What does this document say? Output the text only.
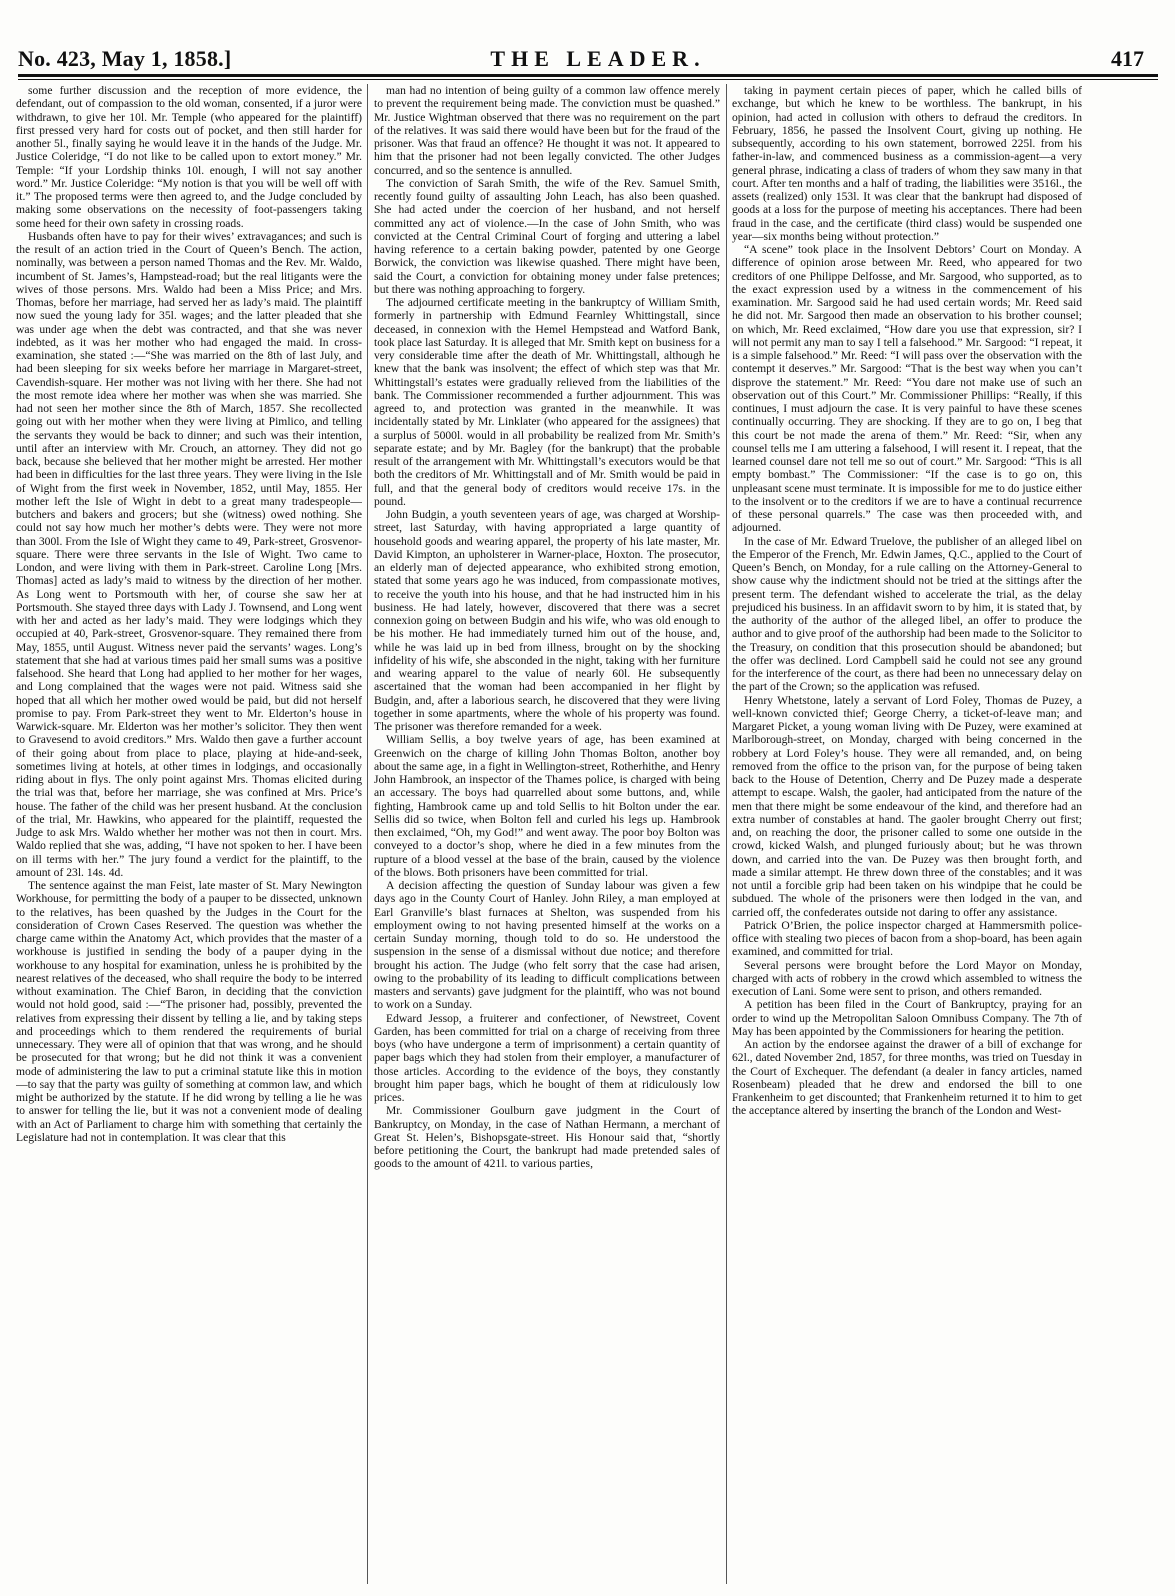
No. 423, May 1, 1858.]	THE LEADER.	417

some further discussion and the reception of more evidence, the defendant, out of compassion to the old woman, consented, if a juror were withdrawn, to give her 10l. Mr. Temple (who appeared for the plaintiff) first pressed very hard for costs out of pocket, and then still harder for another 5l., finally saying he would leave it in the hands of the Judge. Mr. Justice Coleridge, “I do not like to be called upon to extort money.” Mr. Temple: “If your Lordship thinks 10l. enough, I will not say another word.” Mr. Justice Coleridge: “My notion is that you will be well off with it.” The proposed terms were then agreed to, and the Judge concluded by making some observations on the necessity of foot-passengers taking some heed for their own safety in crossing roads.

Husbands often have to pay for their wives’ extravagances; and such is the result of an action tried in the Court of Queen’s Bench. The action, nominally, was between a person named Thomas and the Rev. Mr. Waldo, incumbent of St. James’s, Hampstead-road; but the real litigants were the wives of those persons. Mrs. Waldo had been a Miss Price; and Mrs. Thomas, before her marriage, had served her as lady’s maid. The plaintiff now sued the young lady for 35l. wages; and the latter pleaded that she was under age when the debt was contracted, and that she was never indebted, as it was her mother who had engaged the maid. In cross-examination, she stated :—“She was married on the 8th of last July, and had been sleeping for six weeks before her marriage in Margaret-street, Cavendish-square. Her mother was not living with her there. She had not the most remote idea where her mother was when she was married. She had not seen her mother since the 8th of March, 1857. She recollected going out with her mother when they were living at Pimlico, and telling the servants they would be back to dinner; and such was their intention, until after an interview with Mr. Crouch, an attorney. They did not go back, because she believed that her mother might be arrested. Her mother had been in difficulties for the last three years. They were living in the Isle of Wight from the first week in November, 1852, until May, 1855. Her mother left the Isle of Wight in debt to a great many tradespeople—butchers and bakers and grocers; but she (witness) owed nothing. She could not say how much her mother’s debts were. They were not more than 300l. From the Isle of Wight they came to 49, Park-street, Grosvenor-square. There were three servants in the Isle of Wight. Two came to London, and were living with them in Park-street. Caroline Long [Mrs. Thomas] acted as lady’s maid to witness by the direction of her mother. As Long went to Portsmouth with her, of course she saw her at Portsmouth. She stayed three days with Lady J. Townsend, and Long went with her and acted as her lady’s maid. They were lodgings which they occupied at 40, Park-street, Grosvenor-square. They remained there from May, 1855, until August. Witness never paid the servants’ wages. Long’s statement that she had at various times paid her small sums was a positive falsehood. She heard that Long had applied to her mother for her wages, and Long complained that the wages were not paid. Witness said she hoped that all which her mother owed would be paid, but did not herself promise to pay. From Park-street they went to Mr. Elderton’s house in Warwick-square. Mr. Elderton was her mother’s solicitor. They then went to Gravesend to avoid creditors.” Mrs. Waldo then gave a further account of their going about from place to place, playing at hide-and-seek, sometimes living at hotels, at other times in lodgings, and occasionally riding about in flys. The only point against Mrs. Thomas elicited during the trial was that, before her marriage, she was confined at Mrs. Price’s house. The father of the child was her present husband. At the conclusion of the trial, Mr. Hawkins, who appeared for the plaintiff, requested the Judge to ask Mrs. Waldo whether her mother was not then in court. Mrs. Waldo replied that she was, adding, “I have not spoken to her. I have been on ill terms with her.” The jury found a verdict for the plaintiff, to the amount of 23l. 14s. 4d.

The sentence against the man Feist, late master of St. Mary Newington Workhouse, for permitting the body of a pauper to be dissected, unknown to the relatives, has been quashed by the Judges in the Court for the consideration of Crown Cases Reserved. The question was whether the charge came within the Anatomy Act, which provides that the master of a workhouse is justified in sending the body of a pauper dying in the workhouse to any hospital for examination, unless he is prohibited by the nearest relatives of the deceased, who shall require the body to be interred without examination. The Chief Baron, in deciding that the conviction would not hold good, said :—“The prisoner had, possibly, prevented the relatives from expressing their dissent by telling a lie, and by taking steps and proceedings which to them rendered the requirements of burial unnecessary. They were all of opinion that that was wrong, and he should be prosecuted for that wrong; but he did not think it was a convenient mode of administering the law to put a criminal statute like this in motion—to say that the party was guilty of something at common law, and which might be authorized by the statute. If he did wrong by telling a lie he was to answer for telling the lie, but it was not a convenient mode of dealing with an Act of Parliament to charge him with something that certainly the Legislature had not in contemplation. It was clear that this

man had no intention of being guilty of a common law offence merely to prevent the requirement being made. The conviction must be quashed.” Mr. Justice Wightman observed that there was no requirement on the part of the relatives. It was said there would have been but for the fraud of the prisoner. Was that fraud an offence? He thought it was not. It appeared to him that the prisoner had not been legally convicted. The other Judges concurred, and so the sentence is annulled.

The conviction of Sarah Smith, the wife of the Rev. Samuel Smith, recently found guilty of assaulting John Leach, has also been quashed. She had acted under the coercion of her husband, and not herself committed any act of violence.—In the case of John Smith, who was convicted at the Central Criminal Court of forging and uttering a label having reference to a certain baking powder, patented by one George Borwick, the conviction was likewise quashed. There might have been, said the Court, a conviction for obtaining money under false pretences; but there was nothing approaching to forgery.

The adjourned certificate meeting in the bankruptcy of William Smith, formerly in partnership with Edmund Fearnley Whittingstall, since deceased, in connexion with the Hemel Hempstead and Watford Bank, took place last Saturday. It is alleged that Mr. Smith kept on business for a very considerable time after the death of Mr. Whittingstall, although he knew that the bank was insolvent; the effect of which step was that Mr. Whittingstall’s estates were gradually relieved from the liabilities of the bank. The Commissioner recommended a further adjournment. This was agreed to, and protection was granted in the meanwhile. It was incidentally stated by Mr. Linklater (who appeared for the assignees) that a surplus of 5000l. would in all probability be realized from Mr. Smith’s separate estate; and by Mr. Bagley (for the bankrupt) that the probable result of the arrangement with Mr. Whittingstall’s executors would be that both the creditors of Mr. Whittingstall and of Mr. Smith would be paid in full, and that the general body of creditors would receive 17s. in the pound.

John Budgin, a youth seventeen years of age, was charged at Worship-street, last Saturday, with having appropriated a large quantity of household goods and wearing apparel, the property of his late master, Mr. David Kimpton, an upholsterer in Warner-place, Hoxton. The prosecutor, an elderly man of dejected appearance, who exhibited strong emotion, stated that some years ago he was induced, from compassionate motives, to receive the youth into his house, and that he had instructed him in his business. He had lately, however, discovered that there was a secret connexion going on between Budgin and his wife, who was old enough to be his mother. He had immediately turned him out of the house, and, while he was laid up in bed from illness, brought on by the shocking infidelity of his wife, she absconded in the night, taking with her furniture and wearing apparel to the value of nearly 60l. He subsequently ascertained that the woman had been accompanied in her flight by Budgin, and, after a laborious search, he discovered that they were living together in some apartments, where the whole of his property was found. The prisoner was therefore remanded for a week.

William Sellis, a boy twelve years of age, has been examined at Greenwich on the charge of killing John Thomas Bolton, another boy about the same age, in a fight in Wellington-street, Rotherhithe, and Henry John Hambrook, an inspector of the Thames police, is charged with being an accessary. The boys had quarrelled about some buttons, and, while fighting, Hambrook came up and told Sellis to hit Bolton under the ear. Sellis did so twice, when Bolton fell and curled his legs up. Hambrook then exclaimed, “Oh, my God!” and went away. The poor boy Bolton was conveyed to a doctor’s shop, where he died in a few minutes from the rupture of a blood vessel at the base of the brain, caused by the violence of the blows. Both prisoners have been committed for trial.

A decision affecting the question of Sunday labour was given a few days ago in the County Court of Hanley. John Riley, a man employed at Earl Granville’s blast furnaces at Shelton, was suspended from his employment owing to not having presented himself at the works on a certain Sunday morning, though told to do so. He understood the suspension in the sense of a dismissal without due notice; and therefore brought his action. The Judge (who felt sorry that the case had arisen, owing to the probability of its leading to difficult complications between masters and servants) gave judgment for the plaintiff, who was not bound to work on a Sunday.

Edward Jessop, a fruiterer and confectioner, of Newstreet, Covent Garden, has been committed for trial on a charge of receiving from three boys (who have undergone a term of imprisonment) a certain quantity of paper bags which they had stolen from their employer, a manufacturer of those articles. According to the evidence of the boys, they constantly brought him paper bags, which he bought of them at ridiculously low prices.

Mr. Commissioner Goulburn gave judgment in the Court of Bankruptcy, on Monday, in the case of Nathan Hermann, a merchant of Great St. Helen’s, Bishopsgate-street. His Honour said that, “shortly before petitioning the Court, the bankrupt had made pretended sales of goods to the amount of 421l. to various parties,

taking in payment certain pieces of paper, which he called bills of exchange, but which he knew to be worthless. The bankrupt, in his opinion, had acted in collusion with others to defraud the creditors. In February, 1856, he passed the Insolvent Court, giving up nothing. He subsequently, according to his own statement, borrowed 225l. from his father-in-law, and commenced business as a commission-agent—a very general phrase, indicating a class of traders of whom they saw many in that court. After ten months and a half of trading, the liabilities were 3516l., the assets (realized) only 153l. It was clear that the bankrupt had disposed of goods at a loss for the purpose of meeting his acceptances. There had been fraud in the case, and the certificate (third class) would be suspended one year—six months being without protection.”

“A scene” took place in the Insolvent Debtors’ Court on Monday. A difference of opinion arose between Mr. Reed, who appeared for two creditors of one Philippe Delfosse, and Mr. Sargood, who supported, as to the exact expression used by a witness in the commencement of his examination. Mr. Sargood said he had used certain words; Mr. Reed said he did not. Mr. Sargood then made an observation to his brother counsel; on which, Mr. Reed exclaimed, “How dare you use that expression, sir? I will not permit any man to say I tell a falsehood.” Mr. Sargood: “I repeat, it is a simple falsehood.” Mr. Reed: “I will pass over the observation with the contempt it deserves.” Mr. Sargood: “That is the best way when you can’t disprove the statement.” Mr. Reed: “You dare not make use of such an observation out of this Court.” Mr. Commissioner Phillips: “Really, if this continues, I must adjourn the case. It is very painful to have these scenes continually occurring. They are shocking. If they are to go on, I beg that this court be not made the arena of them.” Mr. Reed: “Sir, when any counsel tells me I am uttering a falsehood, I will resent it. I repeat, that the learned counsel dare not tell me so out of court.” Mr. Sargood: “This is all empty bombast.” The Commissioner: “If the case is to go on, this unpleasant scene must terminate. It is impossible for me to do justice either to the insolvent or to the creditors if we are to have a continual recurrence of these personal quarrels.” The case was then proceeded with, and adjourned.

In the case of Mr. Edward Truelove, the publisher of an alleged libel on the Emperor of the French, Mr. Edwin James, Q.C., applied to the Court of Queen’s Bench, on Monday, for a rule calling on the Attorney-General to show cause why the indictment should not be tried at the sittings after the present term. The defendant wished to accelerate the trial, as the delay prejudiced his business. In an affidavit sworn to by him, it is stated that, by the authority of the author of the alleged libel, an offer to produce the author and to give proof of the authorship had been made to the Solicitor to the Treasury, on condition that this prosecution should be abandoned; but the offer was declined. Lord Campbell said he could not see any ground for the interference of the court, as there had been no unnecessary delay on the part of the Crown; so the application was refused.

Henry Whetstone, lately a servant of Lord Foley, Thomas de Puzey, a well-known convicted thief; George Cherry, a ticket-of-leave man; and Margaret Picket, a young woman living with De Puzey, were examined at Marlborough-street, on Monday, charged with being concerned in the robbery at Lord Foley’s house. They were all remanded, and, on being removed from the office to the prison van, for the purpose of being taken back to the House of Detention, Cherry and De Puzey made a desperate attempt to escape. Walsh, the gaoler, had anticipated from the nature of the men that there might be some endeavour of the kind, and therefore had an extra number of constables at hand. The gaoler brought Cherry out first; and, on reaching the door, the prisoner called to some one outside in the crowd, kicked Walsh, and plunged furiously about; but he was thrown down, and carried into the van. De Puzey was then brought forth, and made a similar attempt. He threw down three of the constables; and it was not until a forcible grip had been taken on his windpipe that he could be subdued. The whole of the prisoners were then lodged in the van, and carried off, the confederates outside not daring to offer any assistance.

Patrick O’Brien, the police inspector charged at Hammersmith police-office with stealing two pieces of bacon from a shop-board, has been again examined, and committed for trial.

Several persons were brought before the Lord Mayor on Monday, charged with acts of robbery in the crowd which assembled to witness the execution of Lani. Some were sent to prison, and others remanded.

A petition has been filed in the Court of Bankruptcy, praying for an order to wind up the Metropolitan Saloon Omnibuss Company. The 7th of May has been appointed by the Commissioners for hearing the petition.

An action by the endorsee against the drawer of a bill of exchange for 62l., dated November 2nd, 1857, for three months, was tried on Tuesday in the Court of Exchequer. The defendant (a dealer in fancy articles, named Rosenbeam) pleaded that he drew and endorsed the bill to one Frankenheim to get discounted; that Frankenheim returned it to him to get the acceptance altered by inserting the branch of the London and West-
